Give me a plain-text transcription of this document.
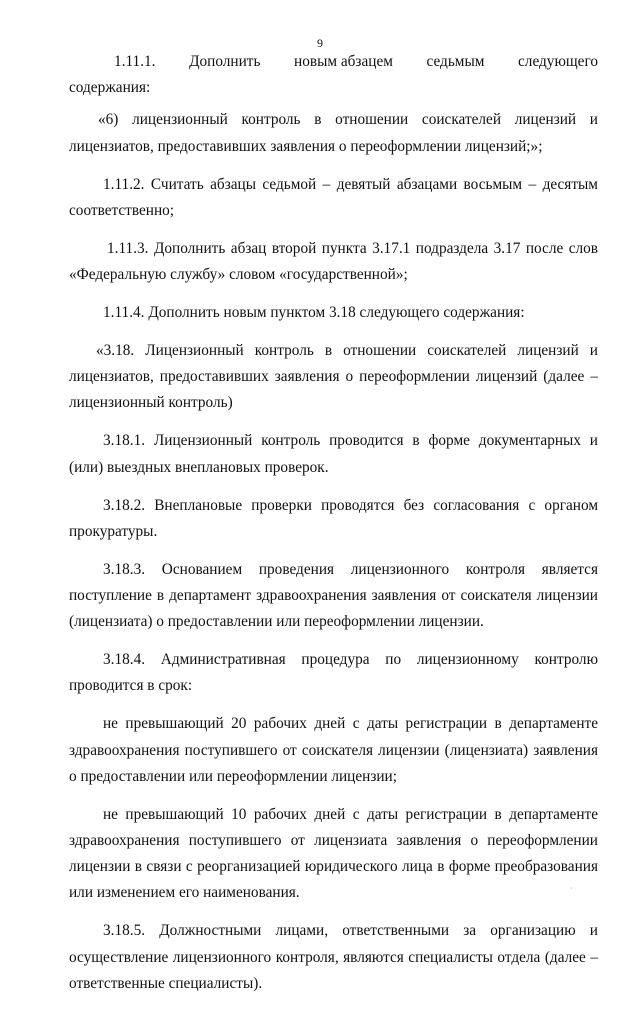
9
1.11.1. Дополнить новым абзацем седьмым следующего
содержания:

«6) лицензионный контроль в отношении соискателей лицензий и лицензиатов, предоставивших заявления о переоформлении лицензий;»;

1.11.2. Считать абзацы седьмой – девятый абзацами восьмым – десятым соответственно;

1.11.3. Дополнить абзац второй пункта 3.17.1 подраздела 3.17 после слов «Федеральную службу» словом «государственной»;

1.11.4. Дополнить новым пунктом 3.18 следующего содержания:

«3.18. Лицензионный контроль в отношении соискателей лицензий и лицензиатов, предоставивших заявления о переоформлении лицензий (далее – лицензионный контроль)

3.18.1. Лицензионный контроль проводится в форме документарных и (или) выездных внеплановых проверок.

3.18.2. Внеплановые проверки проводятся без согласования с органом прокуратуры.

3.18.3. Основанием проведения лицензионного контроля является поступление в департамент здравоохранения заявления от соискателя лицензии (лицензиата) о предоставлении или переоформлении лицензии.

3.18.4. Административная процедура по лицензионному контролю проводится в срок:

не превышающий 20 рабочих дней с даты регистрации в департаменте здравоохранения поступившего от соискателя лицензии (лицензиата) заявления о предоставлении или переоформлении лицензии;

не превышающий 10 рабочих дней с даты регистрации в департаменте здравоохранения поступившего от лицензиата заявления о переоформлении лицензии в связи с реорганизацией юридического лица в форме преобразования или изменением его наименования.

3.18.5. Должностными лицами, ответственными за организацию и осуществление лицензионного контроля, являются специалисты отдела (далее – ответственные специалисты).

·
